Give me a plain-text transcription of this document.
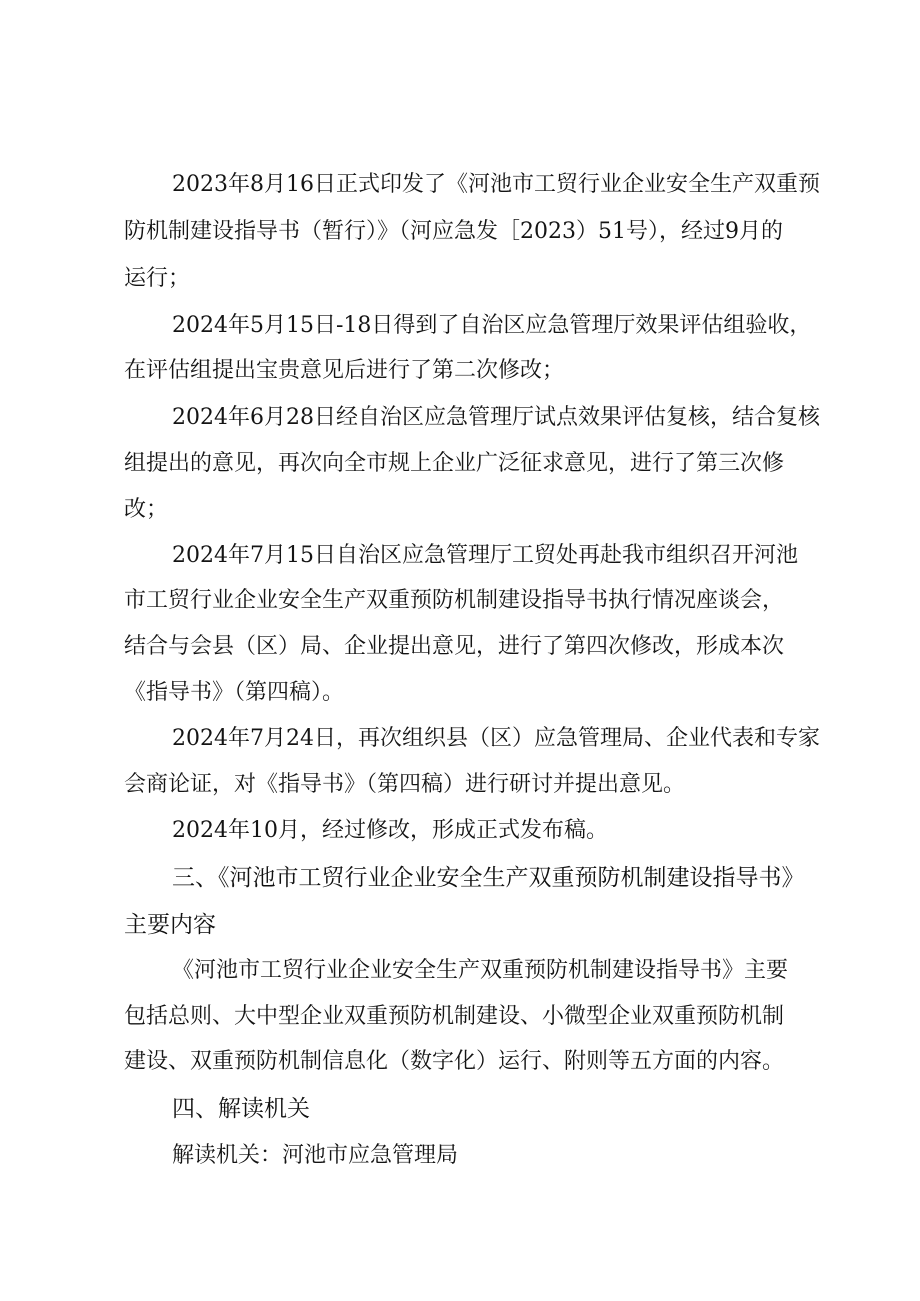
2023年8月16日正式印发了《河池市工贸行业企业安全生产双重预
防机制建设指导书（暂行）》（河应急发［2023）51号），经过9月的
运行；
2024年5月15日-18日得到了自治区应急管理厅效果评估组验收，
在评估组提出宝贵意见后进行了第二次修改；
2024年6月28日经自治区应急管理厅试点效果评估复核，结合复核
组提出的意见，再次向全市规上企业广泛征求意见，进行了第三次修
改；
2024年7月15日自治区应急管理厅工贸处再赴我市组织召开河池
市工贸行业企业安全生产双重预防机制建设指导书执行情况座谈会，
结合与会县（区）局、企业提出意见，进行了第四次修改，形成本次
《指导书》（第四稿）。
2024年7月24日，再次组织县（区）应急管理局、企业代表和专家
会商论证，对《指导书》（第四稿）进行研讨并提出意见。
2024年10月，经过修改，形成正式发布稿。
三、《河池市工贸行业企业安全生产双重预防机制建设指导书》
主要内容
《河池市工贸行业企业安全生产双重预防机制建设指导书》主要
包括总则、大中型企业双重预防机制建设、小微型企业双重预防机制
建设、双重预防机制信息化（数字化）运行、附则等五方面的内容。
四、解读机关
解读机关：河池市应急管理局
